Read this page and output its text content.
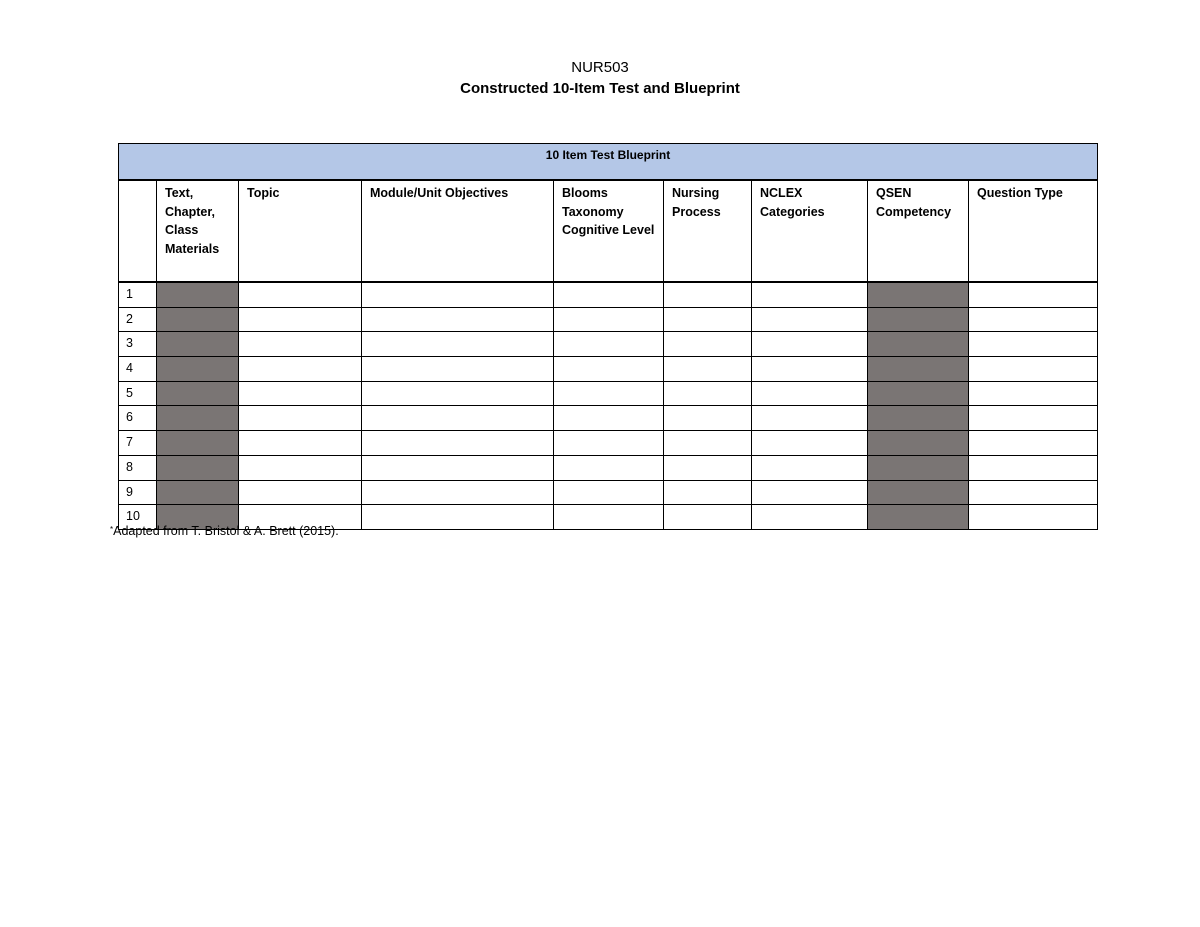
NUR503
Constructed 10-Item Test and Blueprint
10 Item Test Blueprint								
	Text, Chapter, Class Materials	Topic	Module/Unit Objectives	Blooms Taxonomy Cognitive Level	Nursing Process	NCLEX Categories	QSEN Competency	Question Type
1								
2								
3								
4								
5								
6								
7								
8								
9								
10								
*Adapted from T. Bristol & A. Brett (2015).
